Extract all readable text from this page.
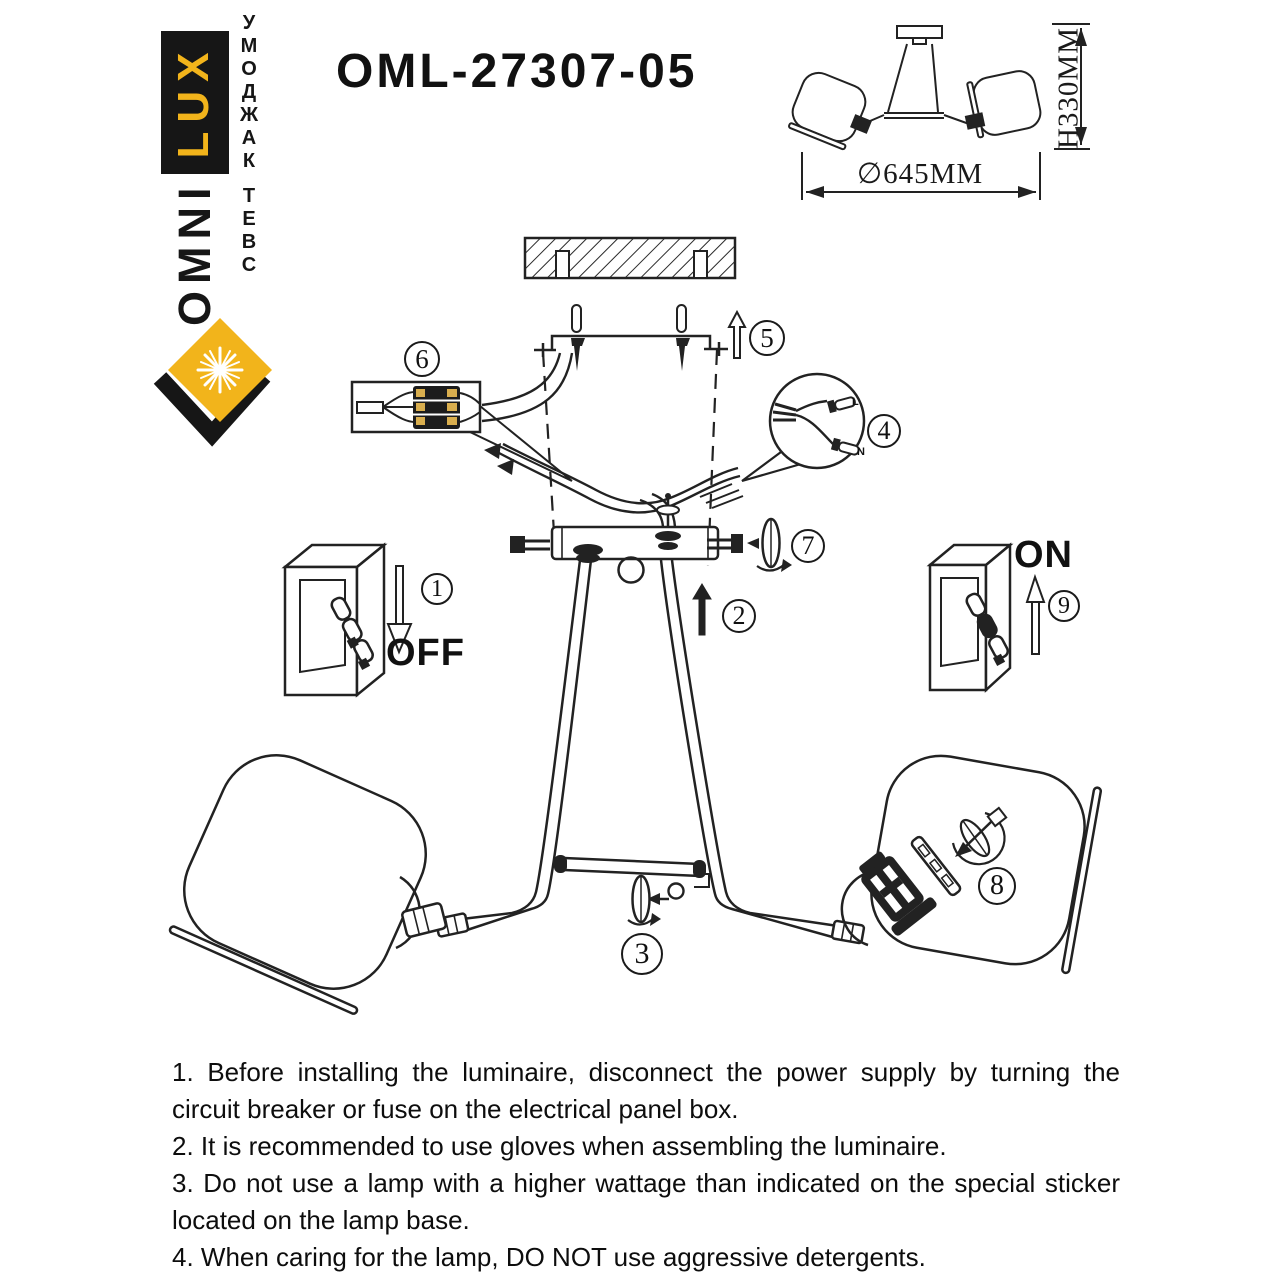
OMNI
LUX
С
В
Е
Т
К
А
Ж
Д
О
М
У
OML-27307-05
∅645MM
H330MM
OFF
ON
L
N
1
2
3
4
5
6
7
8
9

1. Before installing the luminaire, disconnect the power supply by turning the circuit breaker or fuse on the electrical panel box.

2. It is recommended to use gloves when assembling the luminaire.

3. Do not use a lamp with a higher wattage than indicated on the special sticker located on the lamp base.

4. When caring for the lamp, DO NOT use aggressive detergents.
